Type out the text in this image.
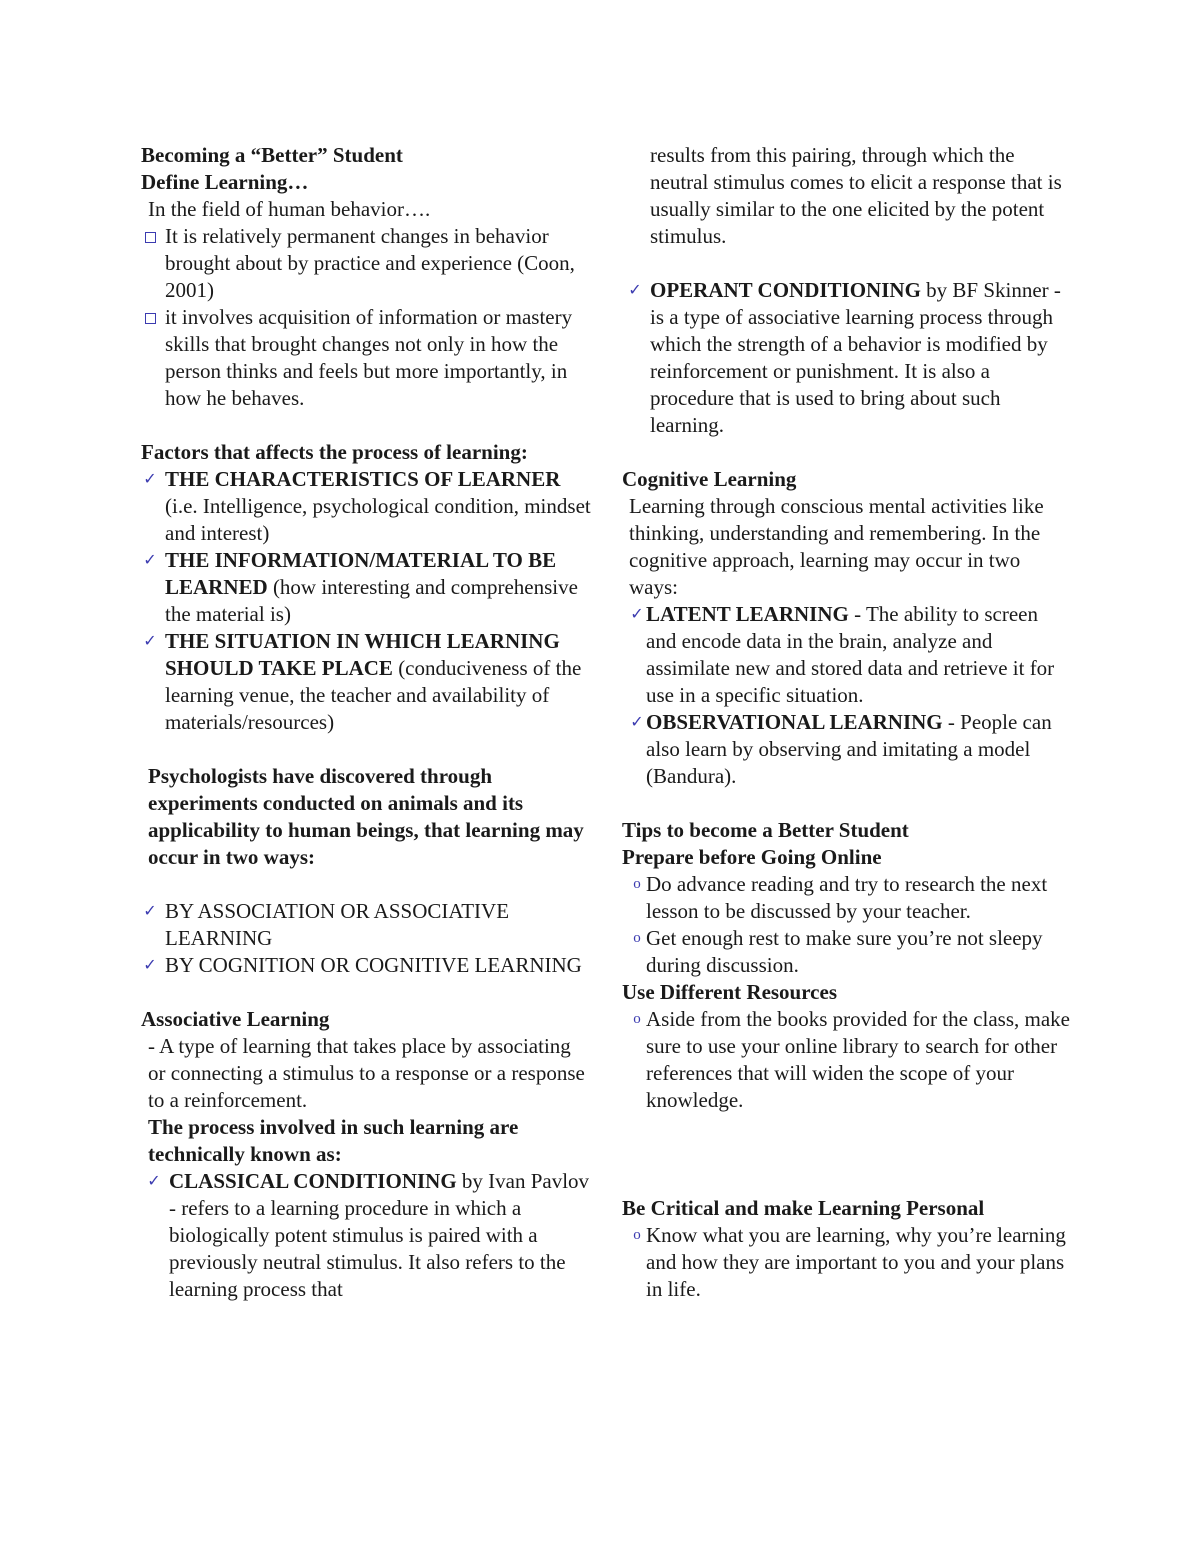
Becoming a “Better” Student
Define Learning…
In the field of human behavior….
It is relatively permanent changes in behavior brought about by practice and experience (Coon, 2001)
it involves acquisition of information or mastery skills that brought changes not only in how the person thinks and feels but more importantly, in how he behaves.
Factors that affects the process of learning:
✓ THE CHARACTERISTICS OF LEARNER (i.e. Intelligence, psychological condition, mindset and interest)
✓ THE INFORMATION/MATERIAL TO BE LEARNED (how interesting and comprehensive the material is)
✓ THE SITUATION IN WHICH LEARNING SHOULD TAKE PLACE (conduciveness of the learning venue, the teacher and availability of materials/resources)
Psychologists have discovered through experiments conducted on animals and its applicability to human beings, that learning may occur in two ways:
✓ BY ASSOCIATION OR ASSOCIATIVE LEARNING
✓ BY COGNITION OR COGNITIVE LEARNING
Associative Learning
- A type of learning that takes place by associating or connecting a stimulus to a response or a response to a reinforcement.
The process involved in such learning are technically known as:
✓ CLASSICAL CONDITIONING by Ivan Pavlov - refers to a learning procedure in which a biologically potent stimulus is paired with a previously neutral stimulus. It also refers to the learning process that
results from this pairing, through which the neutral stimulus comes to elicit a response that is usually similar to the one elicited by the potent stimulus.
✓ OPERANT CONDITIONING by BF Skinner - is a type of associative learning process through which the strength of a behavior is modified by reinforcement or punishment. It is also a procedure that is used to bring about such learning.
Cognitive Learning
Learning through conscious mental activities like thinking, understanding and remembering. In the cognitive approach, learning may occur in two ways:
✓ LATENT LEARNING - The ability to screen and encode data in the brain, analyze and assimilate new and stored data and retrieve it for use in a specific situation.
✓ OBSERVATIONAL LEARNING - People can also learn by observing and imitating a model (Bandura).
Tips to become a Better Student
Prepare before Going Online
o Do advance reading and try to research the next lesson to be discussed by your teacher.
o Get enough rest to make sure you’re not sleepy during discussion.
Use Different Resources
o Aside from the books provided for the class, make sure to use your online library to search for other references that will widen the scope of your knowledge.
Be Critical and make Learning Personal
o Know what you are learning, why you’re learning and how they are important to you and your plans in life.
